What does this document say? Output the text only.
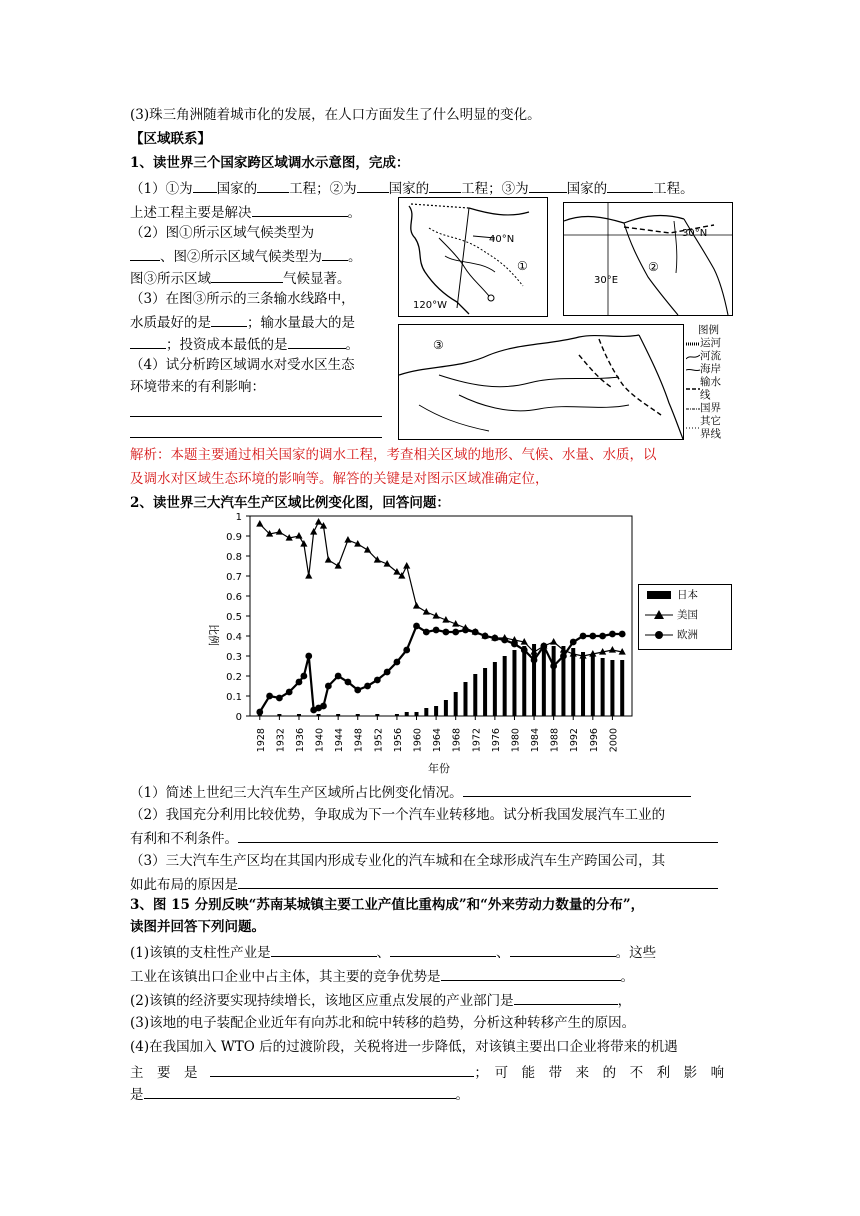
(3)珠三角洲随着城市化的发展，在人口方面发生了什么明显的变化。
【区域联系】
1、读世界三个国家跨区域调水示意图，完成：
（1）①为 国家的 工程；②为 国家的 工程；③为	国家的	工程。
上述工程主要是解决	。
（2）图①所示区域气候类型为
、图②所示区域气候类型为 。
图③所示区域	气候显著。
（3）在图③所示的三条输水线路中，
水质最好的是	；输水量最大的是
；投资成本最低的是	。
（4）试分析跨区域调水对受水区生态
环境带来的有利影响：
解析：本题主要通过相关国家的调水工程，考查相关区域的地形、气候、水量、水质，以
及调水对区域生态环境的影响等。解答的关键是对图示区域准确定位，
40°N
①
120°W
30°N
②
30°E
③
图例
运河
河流
海岸
输水线
国界
其它界线
2、读世界三大汽车生产区域比例变化图，回答问题：
0
0.1
0.2
0.3
0.4
0.5
0.6
0.7
0.8
0.9
1
1928 1932 1936 1940 1944 1948 1952 1956 1960 1964 1968 1972 1976 1980 1984 1988 1992 1996 2000
比例
年份
日本
美国
欧洲
（1）简述上世纪三大汽车生产区域所占比例变化情况。
（2）我国充分利用比较优势，争取成为下一个汽车业转移地。试分析我国发展汽车工业的
有利和不利条件。
（3）三大汽车生产区均在其国内形成专业化的汽车城和在全球形成汽车生产跨国公司，其
如此布局的原因是
3、图 15 分别反映“苏南某城镇主要工业产值比重构成”和“外来劳动力数量的分布”，
读图并回答下列问题。
(1)该镇的支柱性产业是	、	、	。这些
工业在该镇出口企业中占主体，其主要的竞争优势是	。
(2)该镇的经济要实现持续增长，该地区应重点发展的产业部门是	，
(3)该地的电子装配企业近年有向苏北和皖中转移的趋势，分析这种转移产生的原因。
(4)在我国加入 WTO 后的过渡阶段，关税将进一步降低，对该镇主要出口企业将带来的机遇
主　要　是	；　可　能　带　来　的　不　利　影　响
是	。
